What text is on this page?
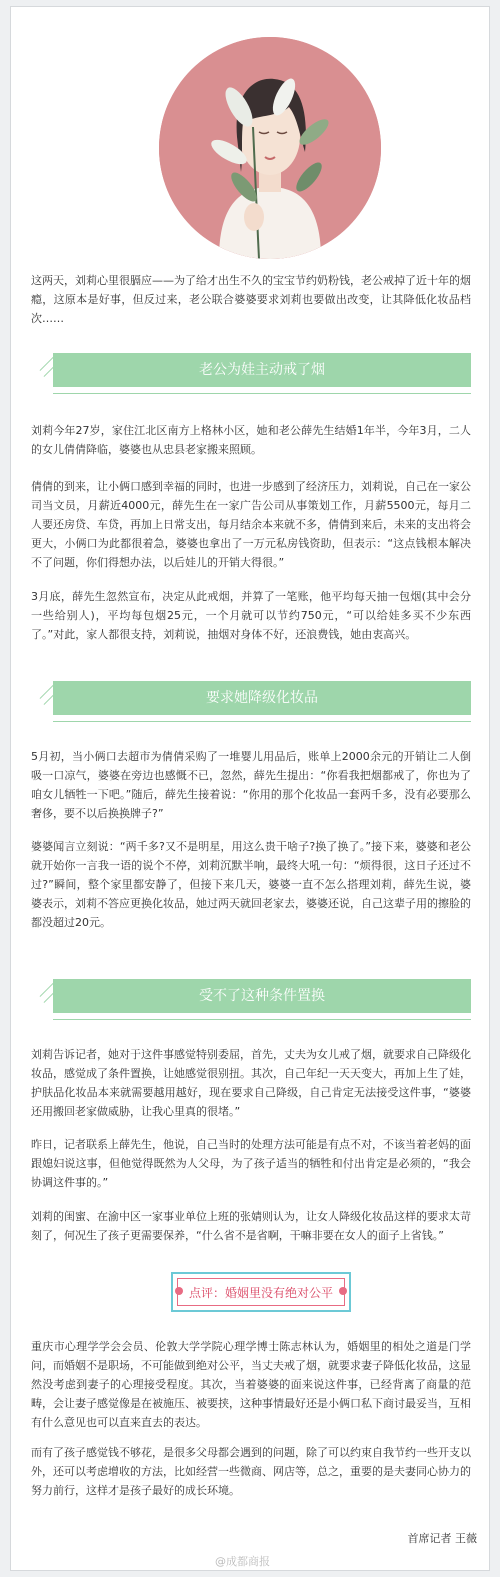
这两天，刘莉心里很膈应——为了给才出生不久的宝宝节约奶粉钱，老公戒掉了近十年的烟瘾，这原本是好事，但反过来，老公联合婆婆要求刘莉也要做出改变，让其降低化妆品档次……

老公为娃主动戒了烟

刘莉今年27岁，家住江北区南方上格林小区，她和老公薛先生结婚1年半，今年3月，二人的女儿倩倩降临，婆婆也从忠县老家搬来照顾。

倩倩的到来，让小俩口感到幸福的同时，也进一步感到了经济压力，刘莉说，自己在一家公司当文员，月薪近4000元，薛先生在一家广告公司从事策划工作，月薪5500元，每月二人要还房贷、车贷，再加上日常支出，每月结余本来就不多，倩倩到来后，未来的支出将会更大，小俩口为此都很着急，婆婆也拿出了一万元私房钱资助，但表示：“这点钱根本解决不了问题，你们得想办法，以后娃儿的开销大得很。”

3月底，薛先生忽然宣布，决定从此戒烟，并算了一笔账，他平均每天抽一包烟(其中会分一些给别人)，平均每包烟25元，一个月就可以节约750元，“可以给娃多买不少东西了。”对此，家人都很支持，刘莉说，抽烟对身体不好，还浪费钱，她由衷高兴。

要求她降级化妆品

5月初，当小俩口去超市为倩倩采购了一堆婴儿用品后，账单上2000余元的开销让二人倒吸一口凉气，婆婆在旁边也感慨不已，忽然，薛先生提出：“你看我把烟都戒了，你也为了咱女儿牺牲一下吧。”随后，薛先生接着说：“你用的那个化妆品一套两千多，没有必要那么奢侈，要不以后换换牌子?”

婆婆闻言立刻说：“两千多?又不是明星，用这么贵干啥子?换了换了。”接下来，婆婆和老公就开始你一言我一语的说个不停，刘莉沉默半响，最终大吼一句：“烦得很，这日子还过不过?”瞬间，整个家里都安静了，但接下来几天，婆婆一直不怎么搭理刘莉，薛先生说，婆婆表示，刘莉不答应更换化妆品，她过两天就回老家去，婆婆还说，自己这辈子用的擦脸的都没超过20元。

受不了这种条件置换

刘莉告诉记者，她对于这件事感觉特别委屈，首先，丈夫为女儿戒了烟，就要求自己降级化妆品，感觉成了条件置换，让她感觉很别扭。其次，自己年纪一天天变大，再加上生了娃，护肤品化妆品本来就需要越用越好，现在要求自己降级，自己肯定无法接受这件事，“婆婆还用搬回老家做威胁，让我心里真的很堵。”

昨日，记者联系上薛先生，他说，自己当时的处理方法可能是有点不对，不该当着老妈的面跟媳妇说这事，但他觉得既然为人父母，为了孩子适当的牺牲和付出肯定是必须的，“我会协调这件事的。”

刘莉的闺蜜、在渝中区一家事业单位上班的张婧则认为，让女人降级化妆品这样的要求太苛刻了，何况生了孩子更需要保养，“什么省不是省啊，干嘛非要在女人的面子上省钱。”

点评：婚姻里没有绝对公平

重庆市心理学学会会员、伦敦大学学院心理学博士陈志林认为，婚姻里的相处之道是门学问，而婚姻不是职场，不可能做到绝对公平，当丈夫戒了烟，就要求妻子降低化妆品，这显然没考虑到妻子的心理接受程度。其次，当着婆婆的面来说这件事，已经背离了商量的范畴，会让妻子感觉像是在被施压、被要挟，这种事情最好还是小俩口私下商讨最妥当，互相有什么意见也可以直来直去的表达。

而有了孩子感觉钱不够花，是很多父母都会遇到的问题，除了可以约束自我节约一些开支以外，还可以考虑增收的方法，比如经营一些微商、网店等，总之，重要的是夫妻同心协力的努力前行，这样才是孩子最好的成长环境。

首席记者 王薇
@成都商报
